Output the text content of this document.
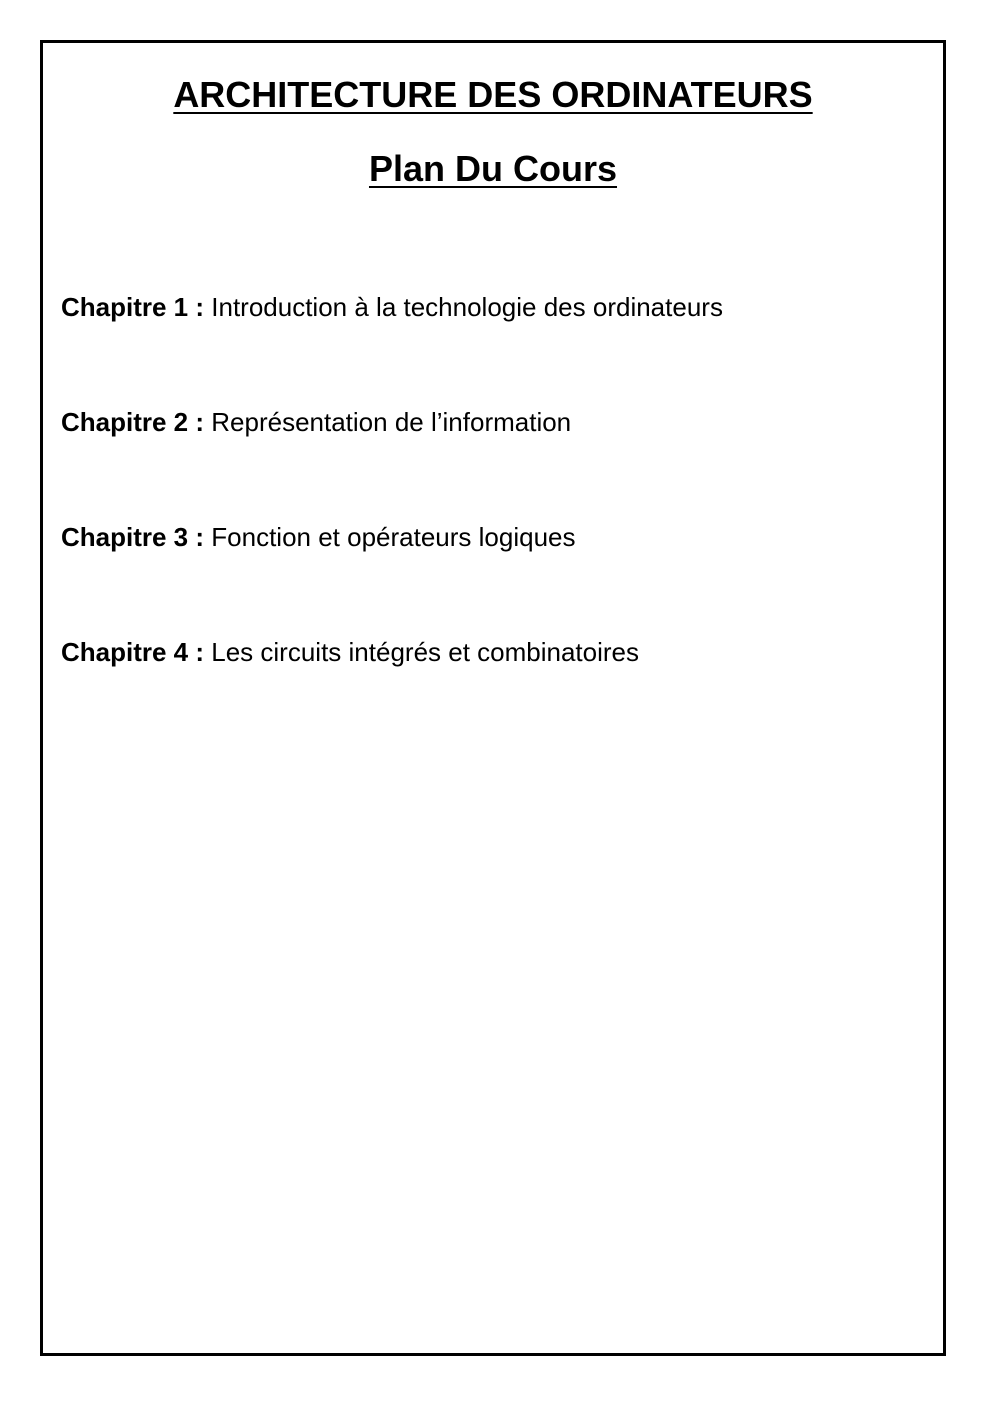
ARCHITECTURE DES ORDINATEURS
Plan Du Cours
Chapitre 1 : Introduction à la technologie des ordinateurs
Chapitre 2 : Représentation de l’information
Chapitre 3 : Fonction et opérateurs logiques
Chapitre 4 : Les circuits intégrés et combinatoires
